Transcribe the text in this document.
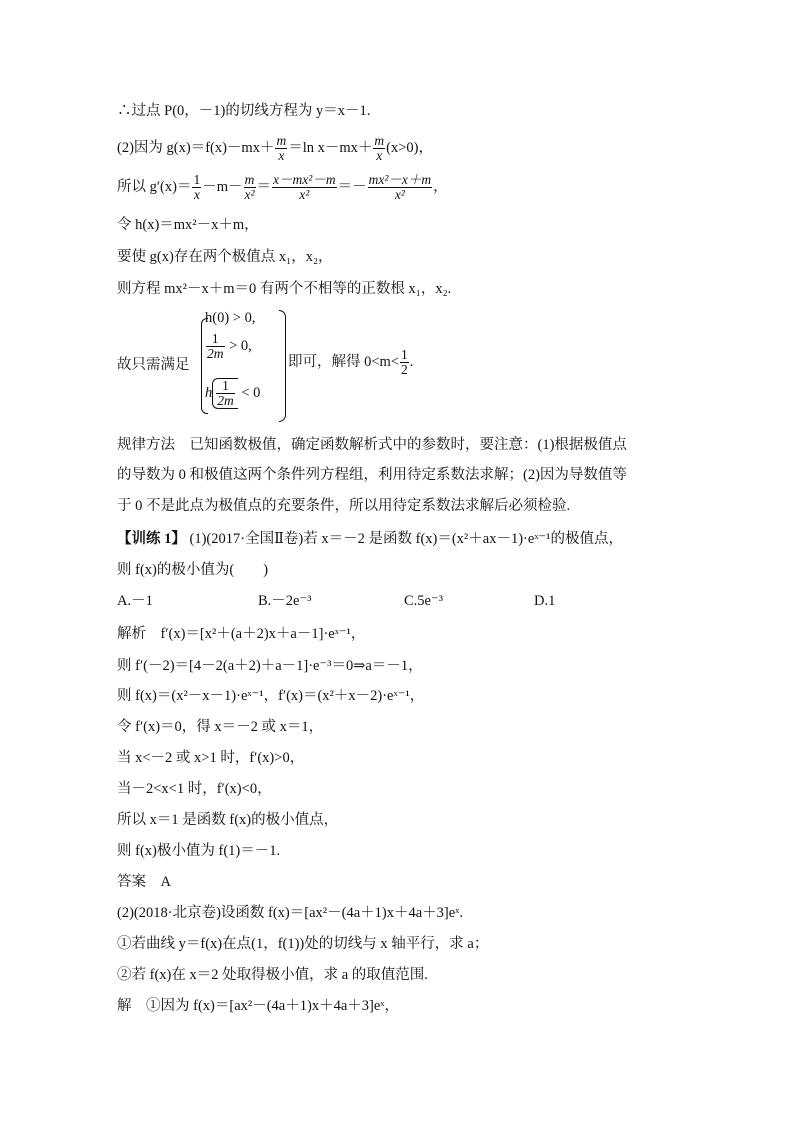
∴过点 P(0，－1)的切线方程为 y＝x－1.
(2)因为 $g(x)=f(x)-mx+ \frac{m}{x} =\ln$ $x-mx+ \frac{m}{x} (x>0)$，
所以 $g'(x)= \frac{1}{x} -m- \frac{m}{\text{x²}} = \frac{\text{x－mx²－m}}{\text{x²}} =- \frac{\text{mx²－x＋m}}{\text{x²}}$ ，
令 h(x)＝mx²－x＋m，
要使 g(x)存在两个极值点 x₁，x₂，
则方程 mx²－x＋m＝0 有两个不相等的正数根 x₁，x₂.
故只需满足
h(0) > 0,
$\frac{1}{2m} > 0$,
h $\frac{1}{2m} < 0$
即可，解得 $0<m< \frac{1}{2}$ .
规律方法　已知函数极值，确定函数解析式中的参数时，要注意：(1)根据极值点
的导数为 0 和极值这两个条件列方程组，利用待定系数法求解；(2)因为导数值等
于 0 不是此点为极值点的充要条件，所以用待定系数法求解后必须检验.
【训练 1】 (1)(2017·全国Ⅱ卷)若 x＝－2 是函数 f(x)＝(x²＋ax－1)·eˣ⁻¹的极值点，
则 f(x)的极小值为(　　)
A.－1	B.－2e⁻³	C.5e⁻³	D.1
解析　f′(x)＝[x²＋(a＋2)x＋a－1]·eˣ⁻¹，
则 f′(－2)＝[4－2(a＋2)＋a－1]·e⁻³＝0⇒a＝－1，
则 f(x)＝(x²－x－1)·eˣ⁻¹，f′(x)＝(x²＋x－2)·eˣ⁻¹，
令 f′(x)＝0，得 x＝－2 或 x＝1，
当 x<－2 或 x>1 时，f′(x)>0，
当－2<x<1 时，f′(x)<0，
所以 x＝1 是函数 f(x)的极小值点，
则 f(x)极小值为 f(1)＝－1.
答案　A
(2)(2018·北京卷)设函数 f(x)＝[ax²－(4a＋1)x＋4a＋3]eˣ.
①若曲线 y＝f(x)在点(1，f(1))处的切线与 x 轴平行，求 a；
②若 f(x)在 x＝2 处取得极小值，求 a 的取值范围.
解　①因为 f(x)＝[ax²－(4a＋1)x＋4a＋3]eˣ，
